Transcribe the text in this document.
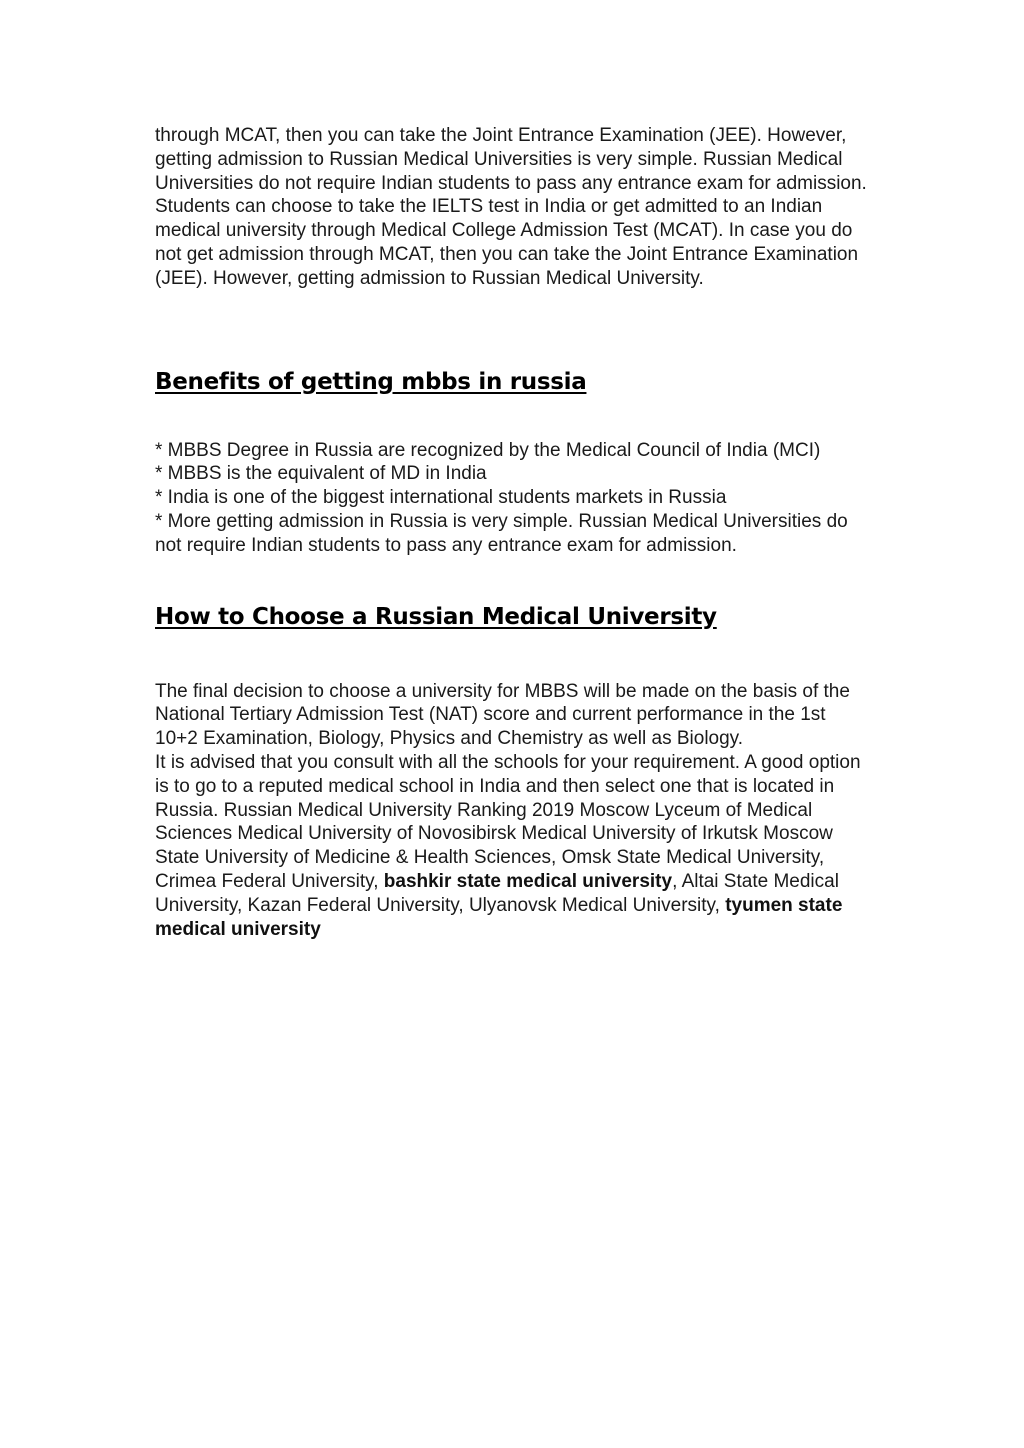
through MCAT, then you can take the Joint Entrance Examination (JEE). However, getting admission to Russian Medical Universities is very simple. Russian Medical Universities do not require Indian students to pass any entrance exam for admission. Students can choose to take the IELTS test in India or get admitted to an Indian medical university through Medical College Admission Test (MCAT). In case you do not get admission through MCAT, then you can take the Joint Entrance Examination (JEE). However, getting admission to Russian Medical University.

Benefits of getting mbbs in russia
* MBBS Degree in Russia are recognized by the Medical Council of India (MCI)
* MBBS is the equivalent of MD in India
* India is one of the biggest international students markets in Russia
* More getting admission in Russia is very simple. Russian Medical Universities do not require Indian students to pass any entrance exam for admission.
How to Choose a Russian Medical University
The final decision to choose a university for MBBS will be made on the basis of the National Tertiary Admission Test (NAT) score and current performance in the 1st 10+2 Examination, Biology, Physics and Chemistry as well as Biology.
It is advised that you consult with all the schools for your requirement. A good option is to go to a reputed medical school in India and then select one that is located in Russia. Russian Medical University Ranking 2019 Moscow Lyceum of Medical Sciences Medical University of Novosibirsk Medical University of Irkutsk Moscow State University of Medicine & Health Sciences, Omsk State Medical University, Crimea Federal University, bashkir state medical university, Altai State Medical University, Kazan Federal University, Ulyanovsk Medical University, tyumen state medical university
